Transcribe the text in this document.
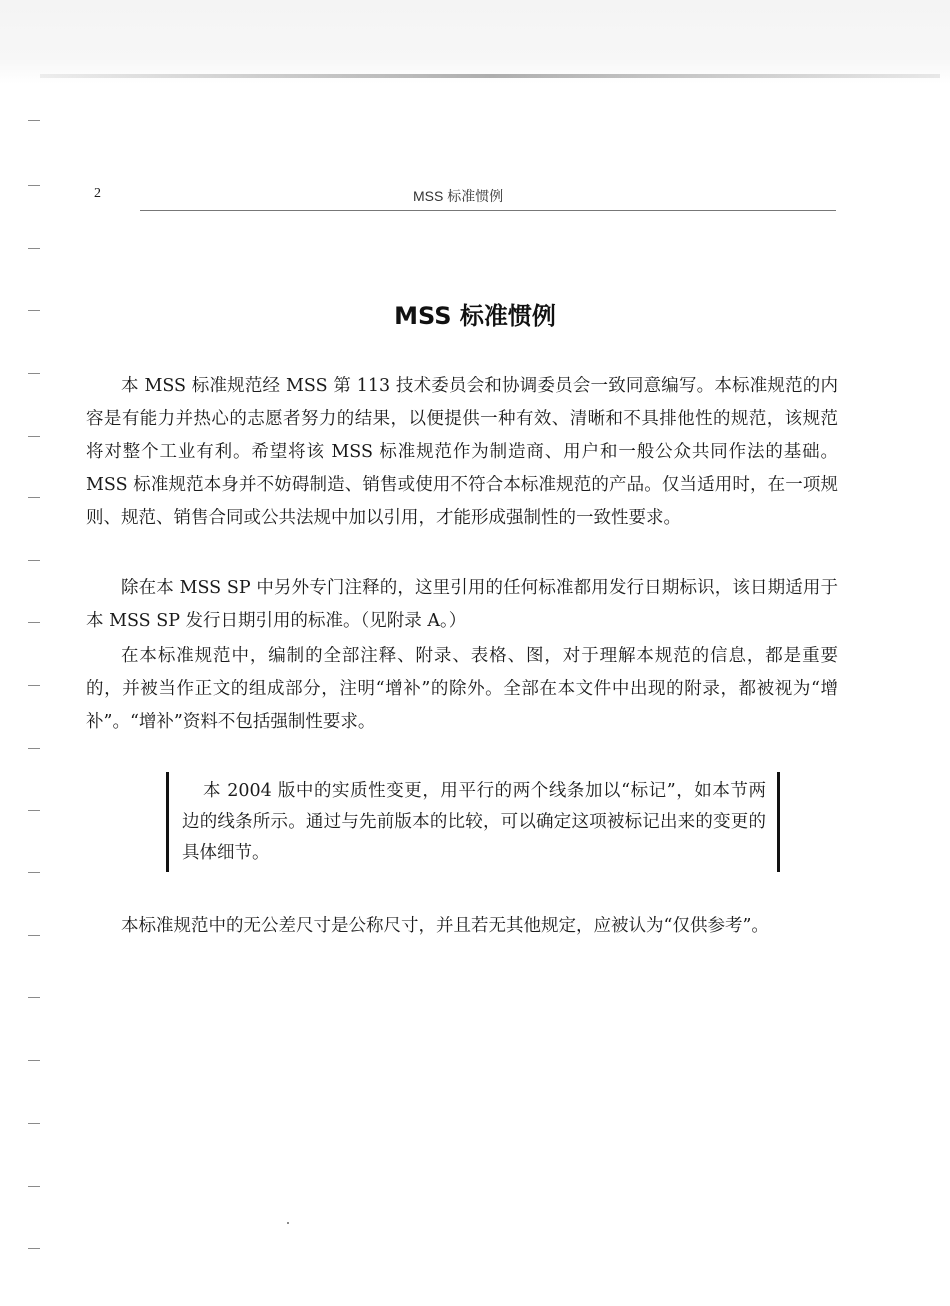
2	MSS 标准惯例
MSS 标准惯例

本 MSS 标准规范经 MSS 第 113 技术委员会和协调委员会一致同意编写。本标准规范的内容是有能力并热心的志愿者努力的结果，以便提供一种有效、清晰和不具排他性的规范，该规范将对整个工业有利。希望将该 MSS 标准规范作为制造商、用户和一般公众共同作法的基础。MSS 标准规范本身并不妨碍制造、销售或使用不符合本标准规范的产品。仅当适用时，在一项规则、规范、销售合同或公共法规中加以引用，才能形成强制性的一致性要求。

除在本 MSS SP 中另外专门注释的，这里引用的任何标准都用发行日期标识，该日期适用于本 MSS SP 发行日期引用的标准。（见附录 A。）

在本标准规范中，编制的全部注释、附录、表格、图，对于理解本规范的信息，都是重要的，并被当作正文的组成部分，注明“增补”的除外。全部在本文件中出现的附录，都被视为“增补”。“增补”资料不包括强制性要求。

本 2004 版中的实质性变更，用平行的两个线条加以“标记”，如本节两边的线条所示。通过与先前版本的比较，可以确定这项被标记出来的变更的具体细节。

本标准规范中的无公差尺寸是公称尺寸，并且若无其他规定，应被认为“仅供参考”。
